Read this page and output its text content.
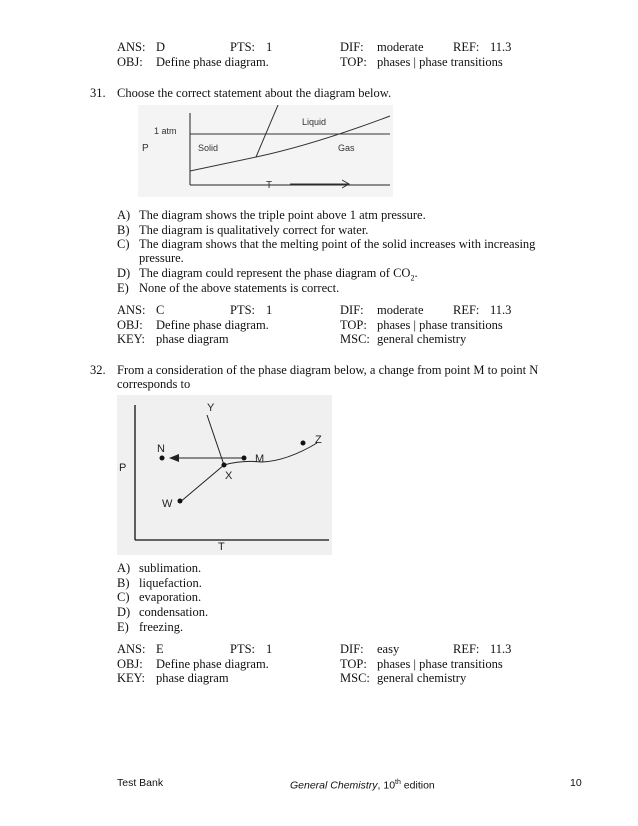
ANS: D	PTS: 1	DIF: moderate REF: 11.3
OBJ: Define phase diagram.	TOP: phases | phase transitions
31. Choose the correct statement about the diagram below.
1 atm
P	Solid
Liquid
Gas
T
A) The diagram shows the triple point above 1 atm pressure.
B) The diagram is qualitatively correct for water.
C) The diagram shows that the melting point of the solid increases with increasing
pressure.
D) The diagram could represent the phase diagram of $CO_2$.
E) None of the above statements is correct.
ANS: C	PTS: 1	DIF: moderate REF: 11.3
OBJ: Define phase diagram.	TOP: phases | phase transitions
KEY: phase diagram	MSC: general chemistry
32. From a consideration of the phase diagram below, a change from point M to point N
corresponds to
Y
M
N
Z
X
W
P
T
A) sublimation.
B) liquefaction.
C) evaporation.
D) condensation.
E) freezing.
ANS: E	PTS: 1	DIF: easy	REF: 11.3
OBJ: Define phase diagram.	TOP: phases | phase transitions
KEY: phase diagram	MSC: general chemistry
Test Bank	General Chemistry, 10th edition	10
